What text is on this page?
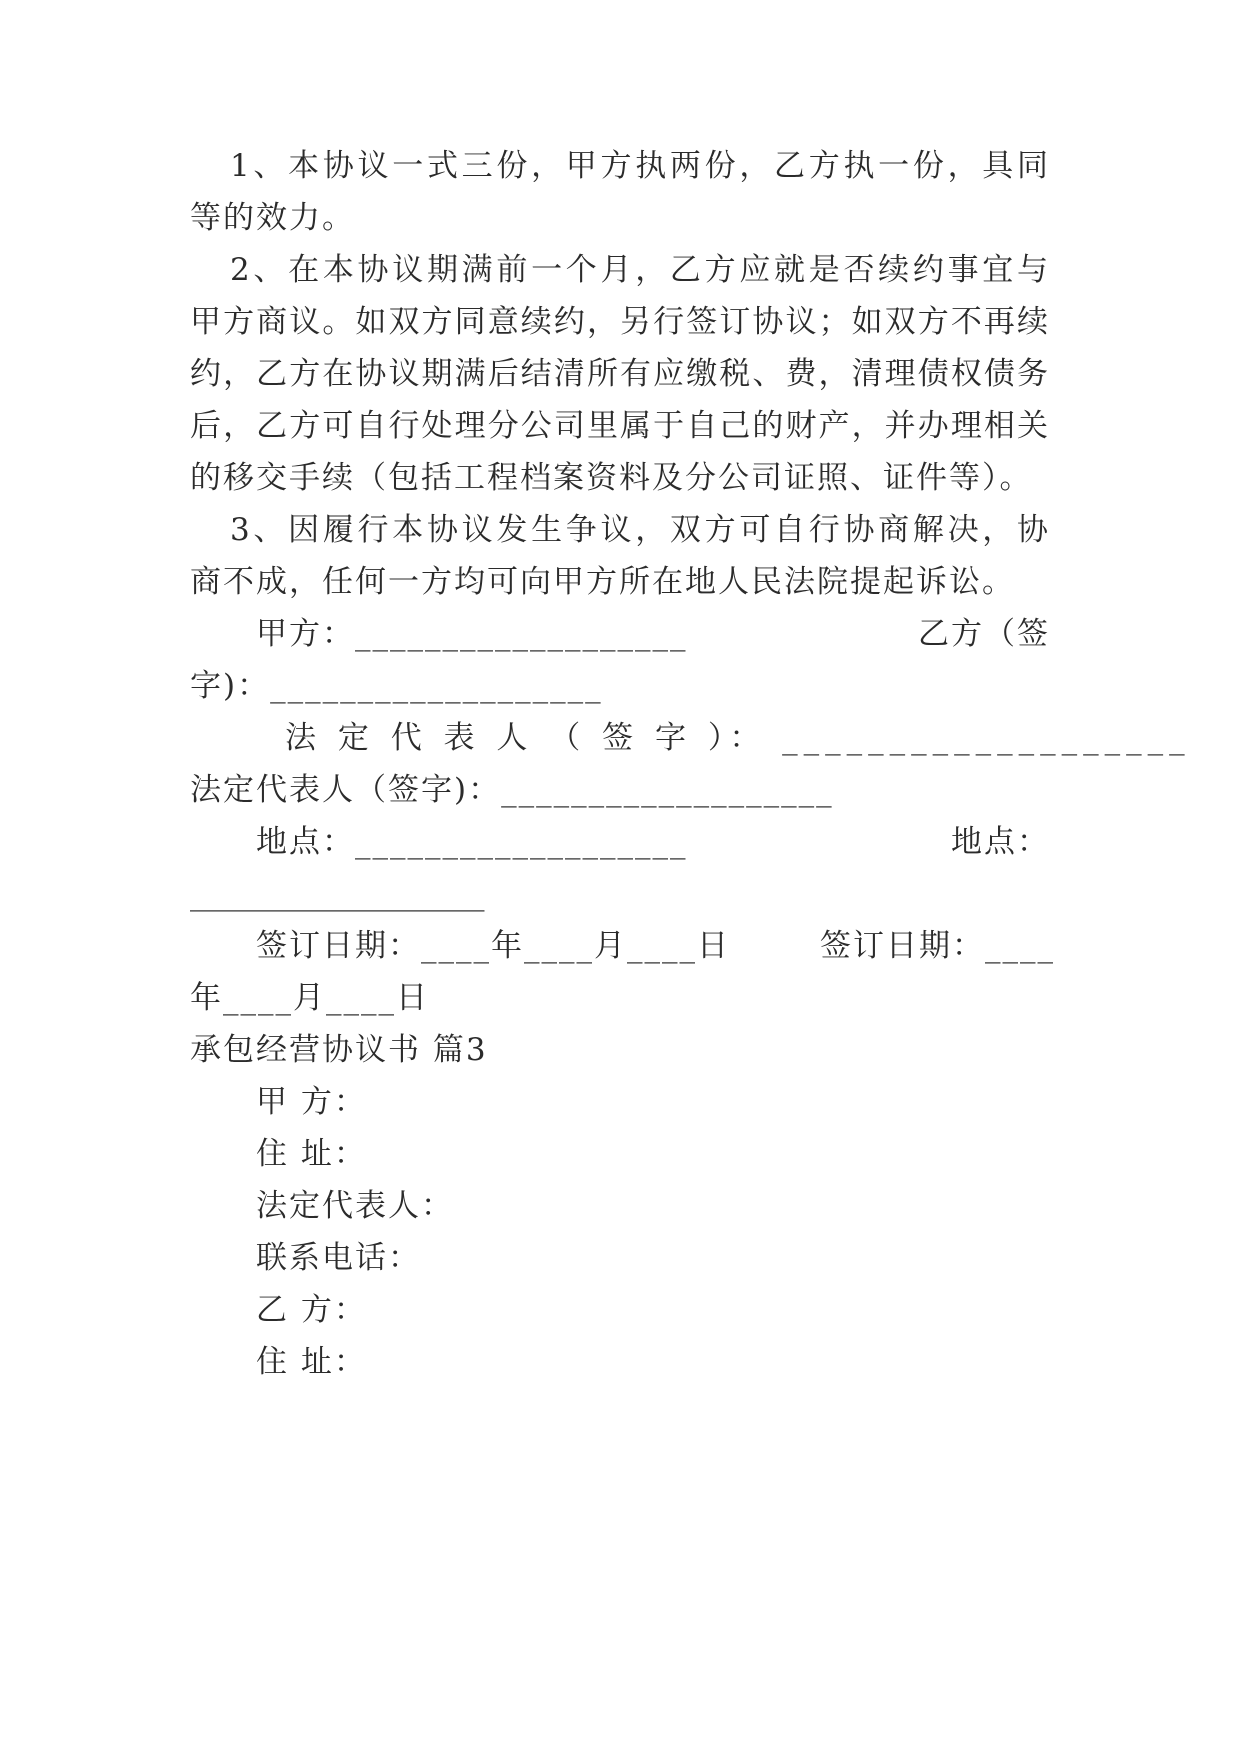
1、本协议一式三份，甲方执两份，乙方执一份，具同
等的效力。
2、在本协议期满前一个月，乙方应就是否续约事宜与
甲方商议。如双方同意续约，另行签订协议；如双方不再续
约，乙方在协议期满后结清所有应缴税、费，清理债权债务
后，乙方可自行处理分公司里属于自己的财产，并办理相关
的移交手续（包括工程档案资料及分公司证照、证件等）。
3、因履行本协议发生争议，双方可自行协商解决，协
商不成，任何一方均可向甲方所在地人民法院提起诉讼。
甲方：___________________	乙方（签
字)：___________________
法 定 代 表 人 （ 签 字 ）： ___________________
法定代表人（签字)：___________________
地点：___________________	地点：
___________________
签订日期：____年____月____日	签订日期：____
年____月____日
承包经营协议书 篇3
甲 方：
住 址：
法定代表人：
联系电话：
乙 方：
住 址：
